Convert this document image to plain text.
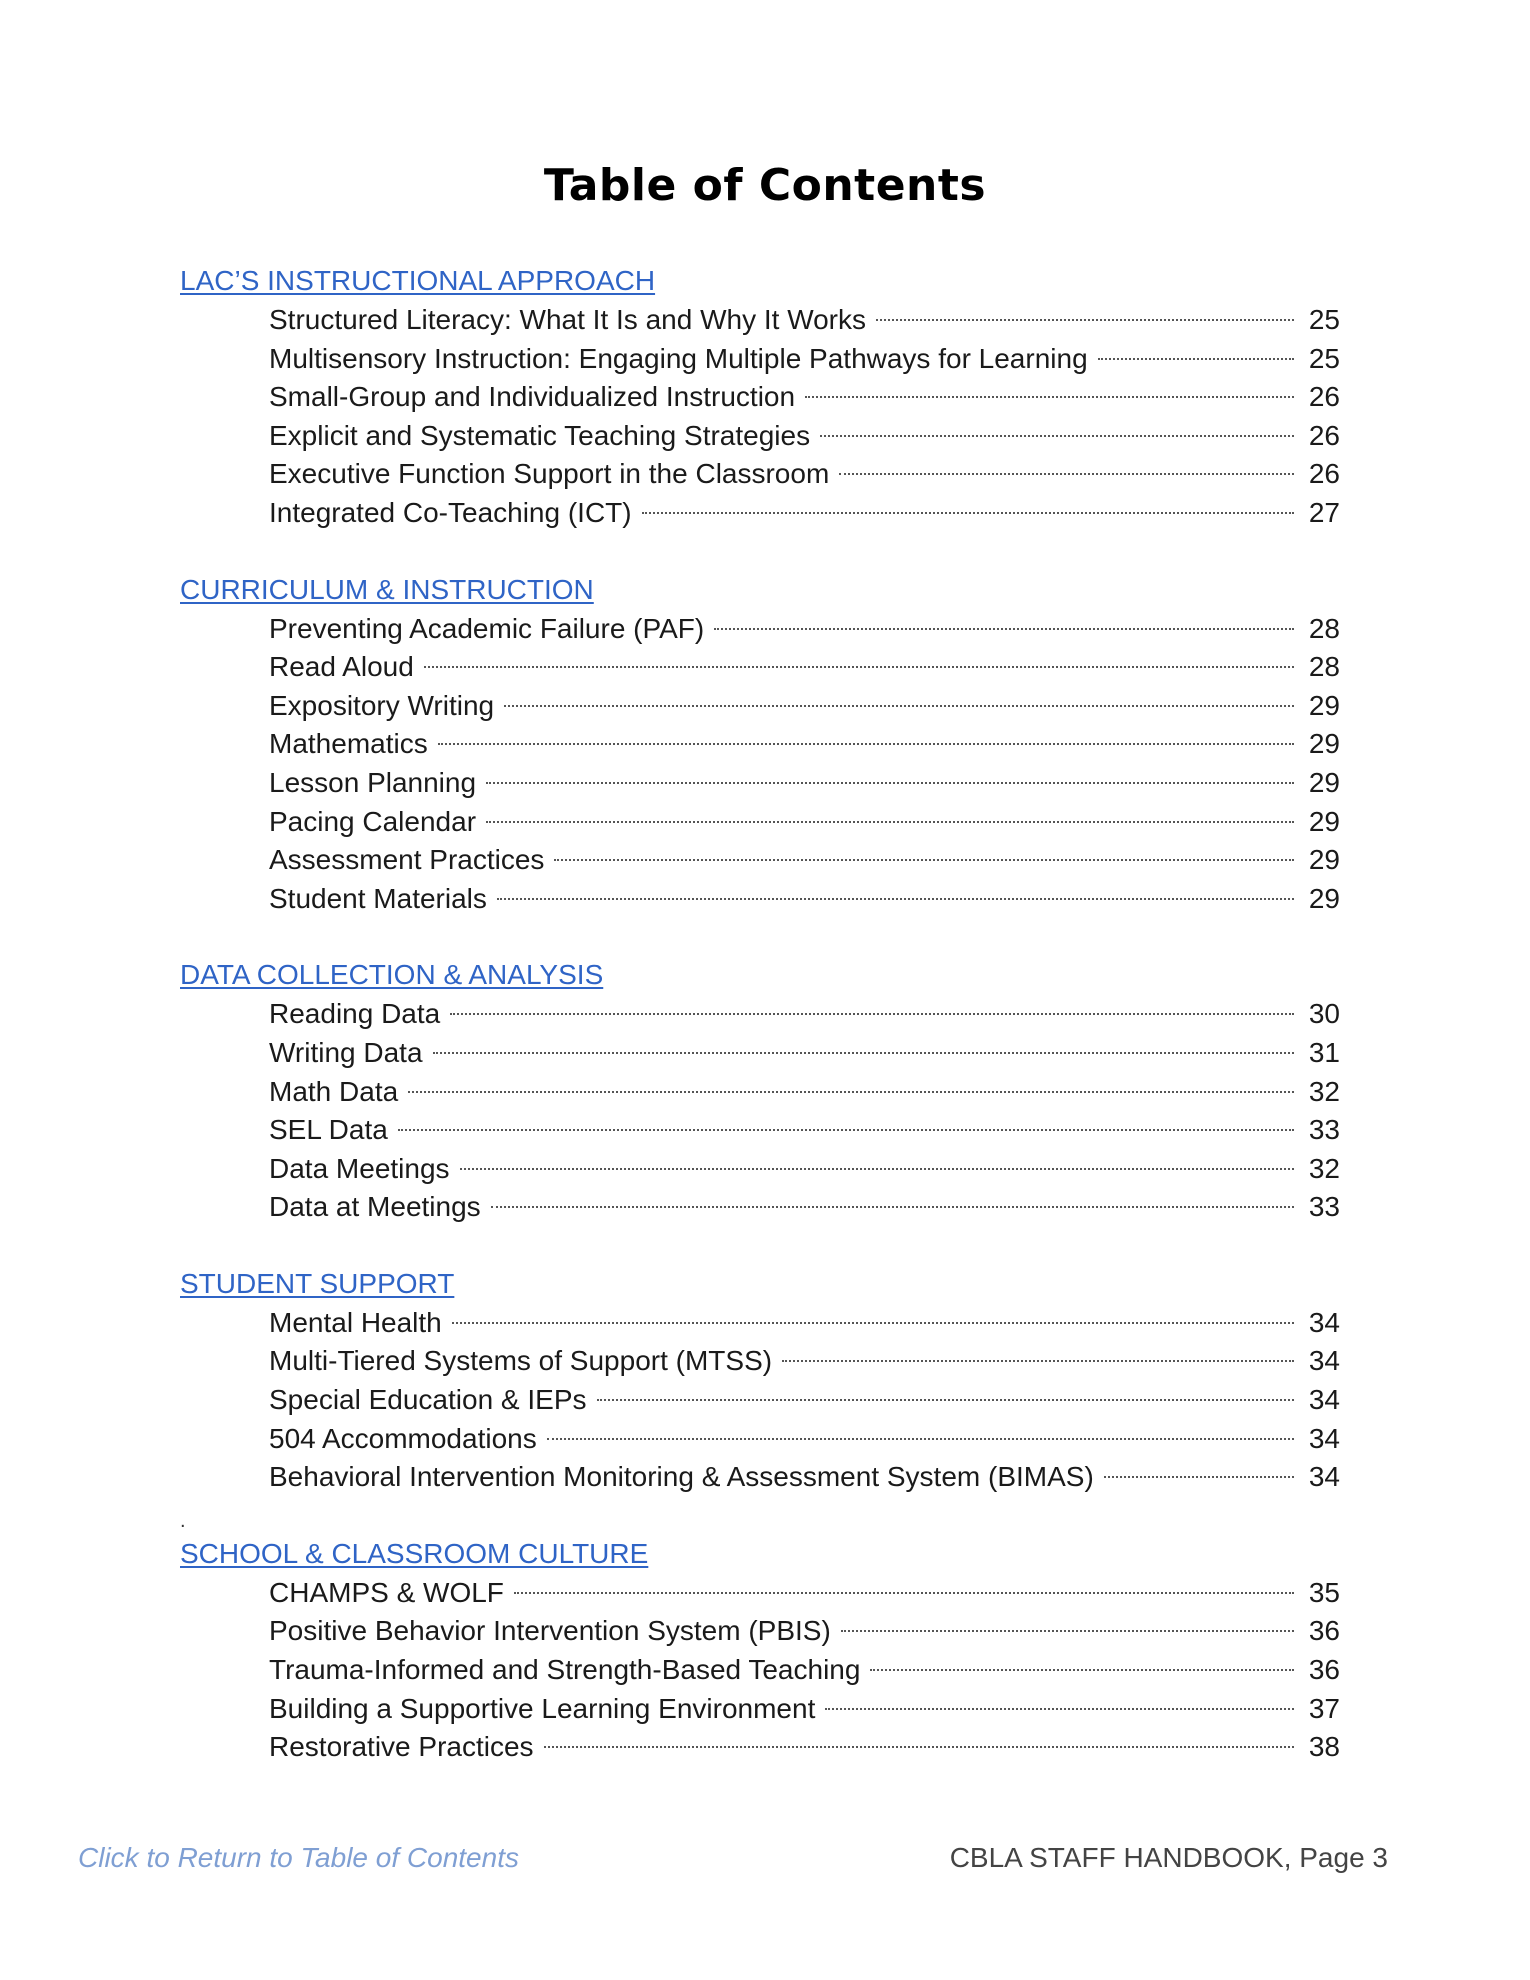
Table of Contents
LAC’S INSTRUCTIONAL APPROACH
Structured Literacy: What It Is and Why It Works	25
Multisensory Instruction: Engaging Multiple Pathways for Learning	25
Small-Group and Individualized Instruction	26
Explicit and Systematic Teaching Strategies	26
Executive Function Support in the Classroom	26
Integrated Co-Teaching (ICT)	27
CURRICULUM & INSTRUCTION
Preventing Academic Failure (PAF)	28
Read Aloud	28
Expository Writing	29
Mathematics	29
Lesson Planning	29
Pacing Calendar	29
Assessment Practices	29
Student Materials	29
DATA COLLECTION & ANALYSIS
Reading Data	30
Writing Data	31
Math Data	32
SEL Data	33
Data Meetings	32
Data at Meetings	33
STUDENT SUPPORT
Mental Health	34
Multi-Tiered Systems of Support (MTSS)	34
Special Education & IEPs	34
504 Accommodations	34
Behavioral Intervention Monitoring & Assessment System (BIMAS)	34
SCHOOL & CLASSROOM CULTURE
CHAMPS & WOLF	35
Positive Behavior Intervention System (PBIS)	36
Trauma-Informed and Strength-Based Teaching	36
Building a Supportive Learning Environment	37
Restorative Practices	38
.
Click to Return to Table of Contents	CBLA STAFF HANDBOOK, Page 3
